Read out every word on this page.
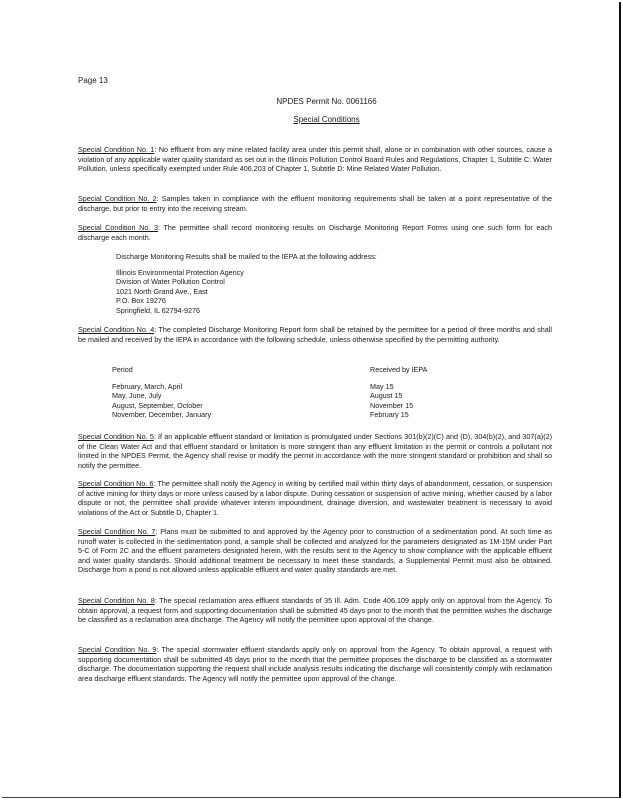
Page 13
NPDES Permit No. 0061166
Special Conditions

Special Condition No. 1: No effluent from any mine related facility area under this permit shall, alone or in combination with other sources, cause a violation of any applicable water quality standard as set out in the Illinois Pollution Control Board Rules and Regulations, Chapter 1, Subtitle C: Water Pollution, unless specifically exempted under Rule 406.203 of Chapter 1, Subtitle D: Mine Related Water Pollution.

Special Condition No. 2: Samples taken in compliance with the effluent monitoring requirements shall be taken at a point representative of the discharge, but prior to entry into the receiving stream.

Special Condition No. 3: The permittee shall record monitoring results on Discharge Monitoring Report Forms using one such form for each discharge each month.

Discharge Monitoring Results shall be mailed to the IEPA at the following address:
Illinois Environmental Protection Agency
Division of Water Pollution Control
1021 North Grand Ave., East
P.O. Box 19276
Springfield, IL 62794-9276

Special Condition No. 4: The completed Discharge Monitoring Report form shall be retained by the permittee for a period of three months and shall be mailed and received by the IEPA in accordance with the following schedule, unless otherwise specified by the permitting authority.

Period
February, March, April
May, June, July
August, September, October
November, December, January
Received by IEPA
May 15
August 15
November 15
February 15

Special Condition No. 5: If an applicable effluent standard or limitation is promulgated under Sections 301(b)(2)(C) and (D), 304(b)(2), and 307(a)(2) of the Clean Water Act and that effluent standard or limitation is more stringent than any effluent limitation in the permit or controls a pollutant not limited in the NPDES Permit, the Agency shall revise or modify the permit in accordance with the more stringent standard or prohibition and shall so notify the permittee.

Special Condition No. 6: The permittee shall notify the Agency in writing by certified mail within thirty days of abandonment, cessation, or suspension of active mining for thirty days or more unless caused by a labor dispute. During cessation or suspension of active mining, whether caused by a labor dispute or not, the permittee shall provide whatever interim impoundment, drainage diversion, and wastewater treatment is necessary to avoid violations of the Act or Subtitle D, Chapter 1.

Special Condition No. 7: Plans must be submitted to and approved by the Agency prior to construction of a sedimentation pond. At such time as runoff water is collected in the sedimentation pond, a sample shall be collected and analyzed for the parameters designated as 1M-15M under Part 5-C of Form 2C and the effluent parameters designated herein, with the results sent to the Agency to show compliance with the applicable effluent and water quality standards. Should additional treatment be necessary to meet these standards, a Supplemental Permit must also be obtained. Discharge from a pond is not allowed unless applicable effluent and water quality standards are met.

Special Condition No. 8: The special reclamation area effluent standards of 35 Ill. Adm. Code 406.109 apply only on approval from the Agency. To obtain approval, a request form and supporting documentation shall be submitted 45 days prior to the month that the permittee wishes the discharge be classified as a reclamation area discharge. The Agency will notify the permittee upon approval of the change.

Special Condition No. 9: The special stormwater effluent standards apply only on approval from the Agency. To obtain approval, a request with supporting documentation shall be submitted 45 days prior to the month that the permittee proposes the discharge to be classified as a stormwater discharge. The documentation supporting the request shall include analysis results indicating the discharge will consistently comply with reclamation area discharge effluent standards. The Agency will notify the permittee upon approval of the change.
